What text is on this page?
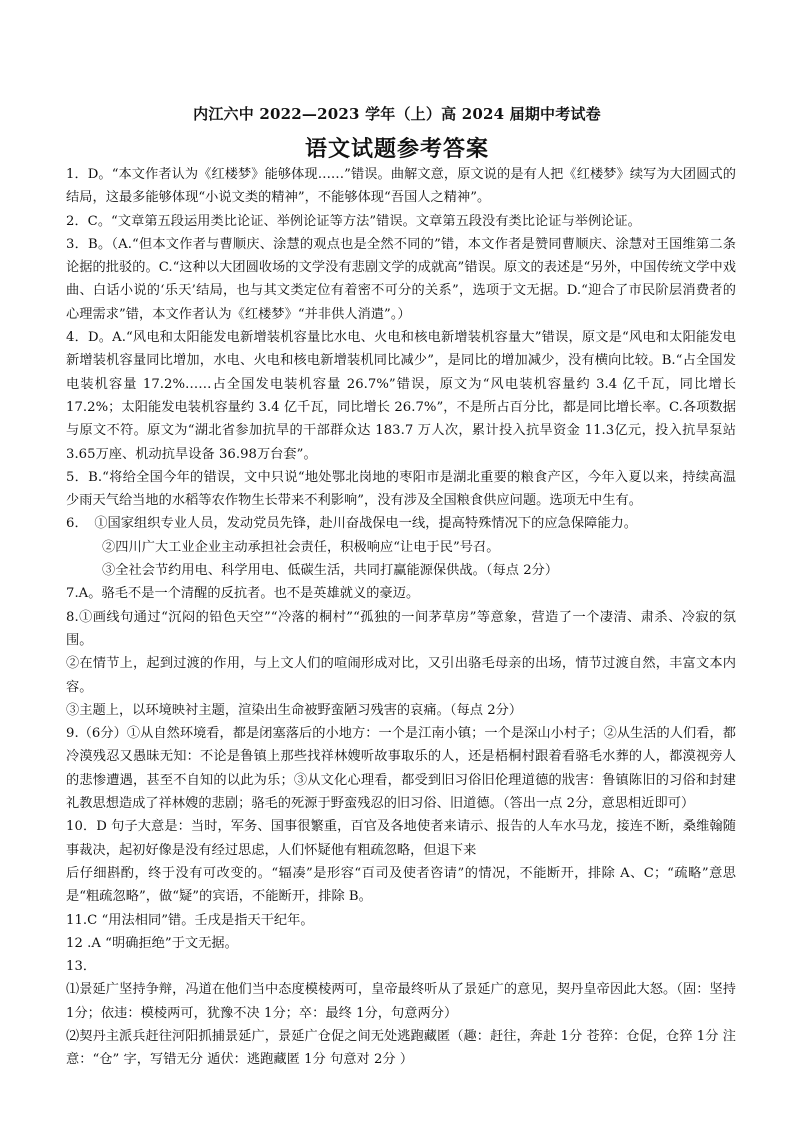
内江六中 2022—2023 学年（上）高 2024 届期中考试卷
语文试题参考答案

1．D。“本文作者认为《红楼梦》能够体现……”错误。曲解文意，原文说的是有人把《红楼梦》续写为大团圆式的结局，这最多能够体现“小说文类的精神”，不能够体现“吾国人之精神”。

2．C。“文章第五段运用类比论证、举例论证等方法”错误。文章第五段没有类比论证与举例论证。

3．B。（A.“但本文作者与曹顺庆、涂慧的观点也是全然不同的”错，本文作者是赞同曹顺庆、涂慧对王国维第二条论据的批驳的。C.“这种以大团圆收场的文学没有悲剧文学的成就高”错误。原文的表述是“另外，中国传统文学中戏曲、白话小说的‘乐天’结局，也与其文类定位有着密不可分的关系”，选项于文无据。D.“迎合了市民阶层消费者的心理需求”错，本文作者认为《红楼梦》“并非供人消遣”。）

4．D。A.“风电和太阳能发电新增装机容量比水电、火电和核电新增装机容量大”错误，原文是“风电和太阳能发电新增装机容量同比增加，水电、火电和核电新增装机同比减少”，是同比的增加减少，没有横向比较。B.“占全国发电装机容量 17.2%……占全国发电装机容量 26.7%”错误，原文为“风电装机容量约 3.4 亿千瓦，同比增长 17.2%；太阳能发电装机容量约 3.4 亿千瓦，同比增长 26.7%”，不是所占百分比，都是同比增长率。C.各项数据与原文不符。原文为“湖北省参加抗旱的干部群众达 183.7 万人次，累计投入抗旱资金 11.3亿元，投入抗旱泵站 3.65万座、机动抗旱设备 36.98万台套”。

5．B.“将给全国今年的错误，文中只说“地处鄂北岗地的枣阳市是湖北重要的粮食产区，今年入夏以来，持续高温少雨天气给当地的水稻等农作物生长带来不利影响”，没有涉及全国粮食供应问题。选项无中生有。

6．　①国家组织专业人员，发动党员先锋，赴川奋战保电一线，提高特殊情况下的应急保障能力。

②四川广大工业企业主动承担社会责任，积极响应“让电于民”号召。

③全社会节约用电、科学用电、低碳生活，共同打赢能源保供战。（每点 2分）

7.A。骆毛不是一个清醒的反抗者。也不是英雄就义的豪迈。

8.①画线句通过“沉闷的铅色天空”“冷落的桐村”“孤独的一间茅草房”等意象，营造了一个凄清、肃杀、冷寂的氛围。

②在情节上，起到过渡的作用，与上文人们的喧闹形成对比，又引出骆毛母亲的出场，情节过渡自然，丰富文本内容。

③主题上，以环境映衬主题，渲染出生命被野蛮陋习残害的哀痛。（每点 2分）

9.（6分）①从自然环境看，都是闭塞落后的小地方：一个是江南小镇；一个是深山小村子；②从生活的人们看，都冷漠残忍又愚昧无知：不论是鲁镇上那些找祥林嫂听故事取乐的人，还是梧桐村跟着看骆毛水葬的人，都漠视旁人的悲惨遭遇，甚至不自知的以此为乐；③从文化心理看，都受到旧习俗旧伦理道德的戕害：鲁镇陈旧的习俗和封建礼教思想造成了祥林嫂的悲剧；骆毛的死源于野蛮残忍的旧习俗、旧道德。（答出一点 2分，意思相近即可）

10．D 句子大意是：当时，军务、国事很繁重，百官及各地使者来请示、报告的人车水马龙，接连不断，桑维翰随事裁决，起初好像是没有经过思虑，人们怀疑他有粗疏忽略，但退下来

后仔细斟酌，终于没有可改变的。“辐凑”是形容“百司及使者咨请”的情况，不能断开，排除 A、C；“疏略”意思是“粗疏忽略”，做“疑”的宾语，不能断开，排除 B。

11.C “用法相同”错。壬戌是指天干纪年。

12 .A “明确拒绝”于文无据。

13．

⑴景延广坚持争辩，冯道在他们当中态度模棱两可，皇帝最终听从了景延广的意见，契丹皇帝因此大怒。（固：坚持 1分；依违：模棱两可，犹豫不决 1分；卒：最终 1分，句意两分）

⑵契丹主派兵赶往河阳抓捕景延广，景延广仓促之间无处逃跑藏匿（趣：赶往，奔赴 1分 苍猝：仓促，仓猝 1分 注意：“仓” 字，写错无分 遁伏：逃跑藏匿 1分 句意对 2分 ）
